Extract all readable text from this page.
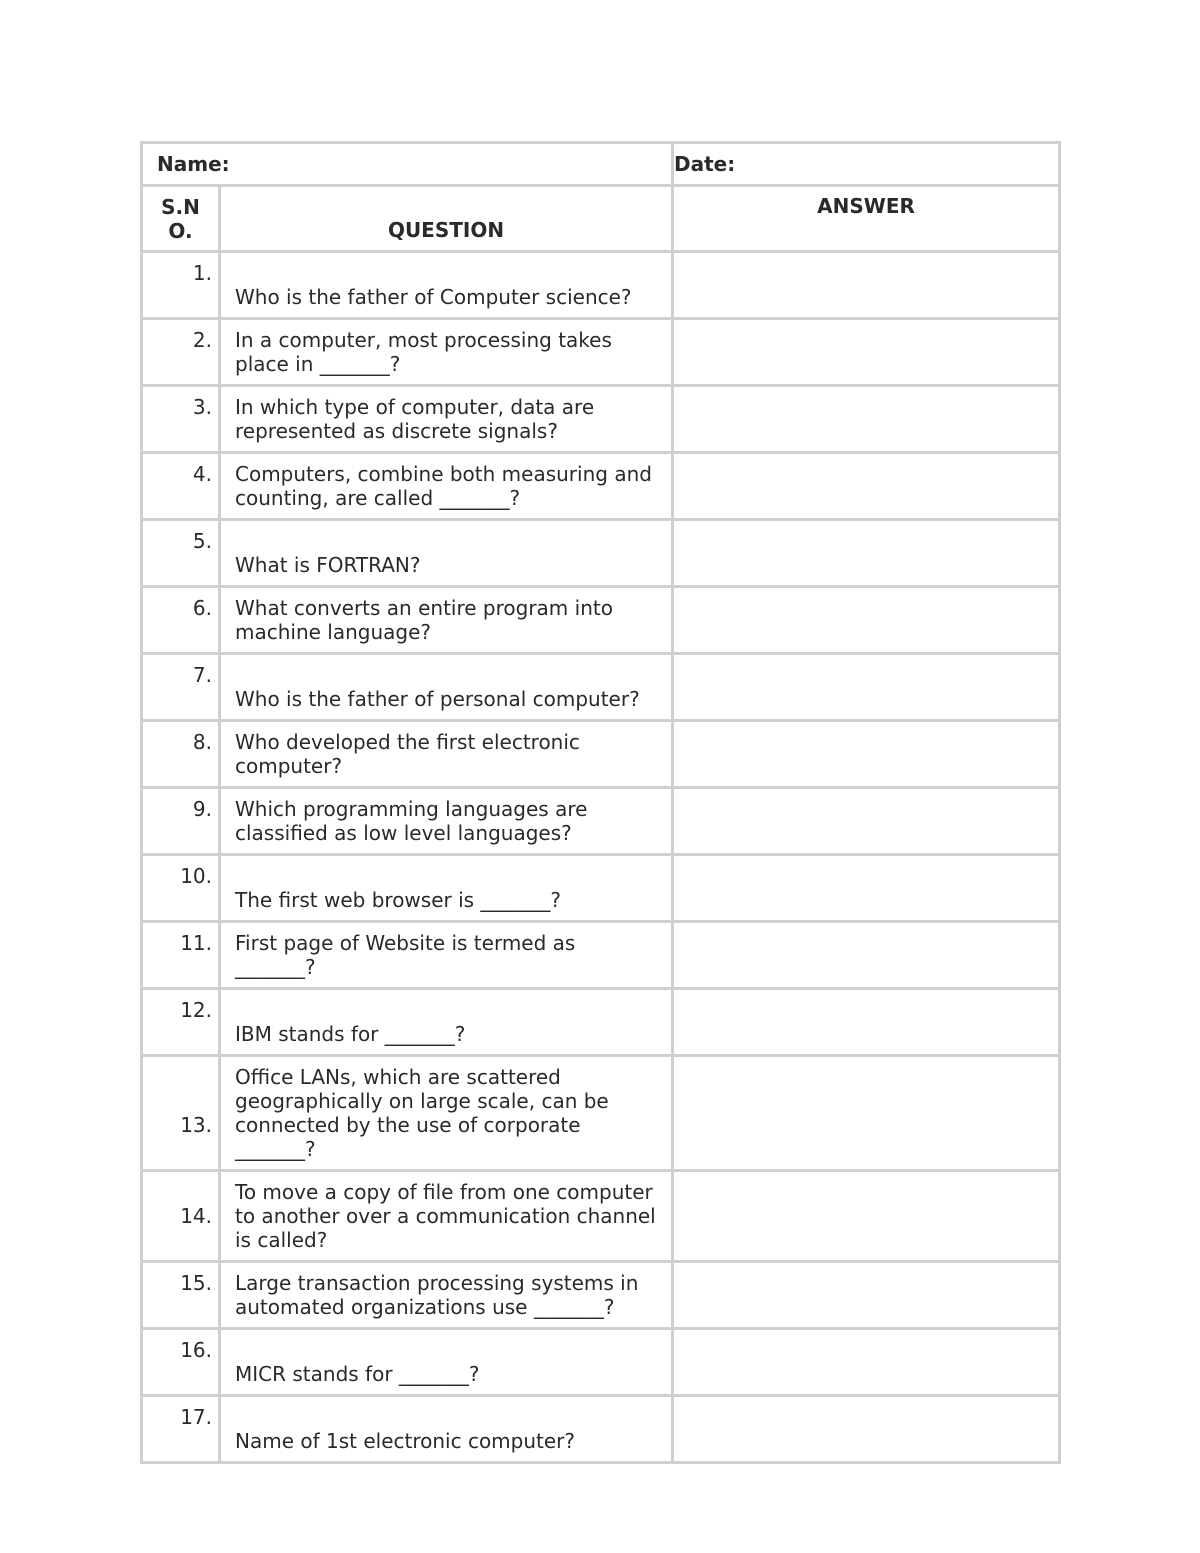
Name:		Date:

S.N
O.	QUESTION	ANSWER

1.	Who is the father of Computer science?	

2.	In a computer, most processing takes place in _______?	

3.	In which type of computer, data are represented as discrete signals?	

4.	Computers, combine both measuring and counting, are called _______?	

5.	What is FORTRAN?	

6.	What converts an entire program into machine language?	

7.	Who is the father of personal computer?	

8.	Who developed the first electronic computer?	

9.	Which programming languages are classified as low level languages?	

10.	The first web browser is _______?	

11.	First page of Website is termed as _______?	

12.	IBM stands for _______?	

13.	Office LANs, which are scattered geographically on large scale, can be connected by the use of corporate _______?	

14.	To move a copy of file from one computer to another over a communication channel is called?	

15.	Large transaction processing systems in automated organizations use _______?	

16.	MICR stands for _______?	

17.	Name of 1st electronic computer?	
